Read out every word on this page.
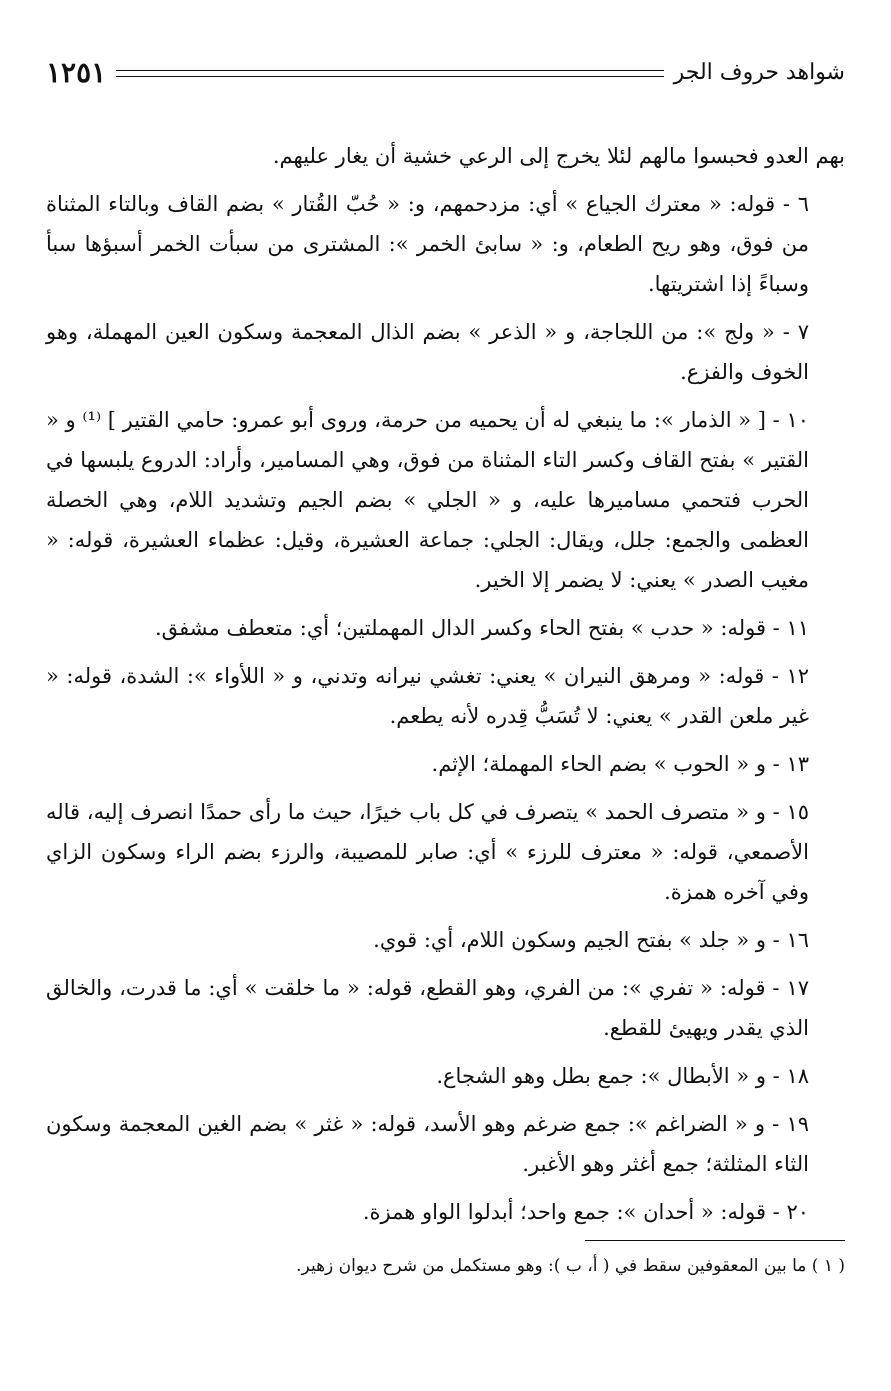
شواهد حروف الجر
١٢٥١

بهم العدو فحبسوا مالهم لئلا يخرج إلى الرعي خشية أن يغار عليهم.

٦ - قوله: « معترك الجياع » أي: مزدحمهم، و: « حُبّ القُتار » بضم القاف وبالتاء المثناة من فوق، وهو ريح الطعام، و: « سابئ الخمر »: المشترى من سبأت الخمر أسبؤها سبأ وسباءً إذا اشتريتها.

٧ - « ولج »: من اللجاجة، و « الذعر » بضم الذال المعجمة وسكون العين المهملة، وهو الخوف والفزع.

١٠ - [ « الذمار »: ما ينبغي له أن يحميه من حرمة، وروى أبو عمرو: حامي القتير ] ⁽¹⁾ و « القتير » بفتح القاف وكسر التاء المثناة من فوق، وهي المسامير، وأراد: الدروع يلبسها في الحرب فتحمي مساميرها عليه، و « الجلي » بضم الجيم وتشديد اللام، وهي الخصلة العظمى والجمع: جلل، ويقال: الجلي: جماعة العشيرة، وقيل: عظماء العشيرة، قوله: « مغيب الصدر » يعني: لا يضمر إلا الخير.

١١ - قوله: « حدب » بفتح الحاء وكسر الدال المهملتين؛ أي: متعطف مشفق.

١٢ - قوله: « ومرهق النيران » يعني: تغشي نيرانه وتدني، و « اللأواء »: الشدة، قوله: « غير ملعن القدر » يعني: لا تُسَبُّ قِدره لأنه يطعم.

١٣ - و « الحوب » بضم الحاء المهملة؛ الإثم.

١٥ - و « متصرف الحمد » يتصرف في كل باب خيرًا، حيث ما رأى حمدًا انصرف إليه، قاله الأصمعي، قوله: « معترف للرزء » أي: صابر للمصيبة، والرزء بضم الراء وسكون الزاي وفي آخره همزة.

١٦ - و « جلد » بفتح الجيم وسكون اللام، أي: قوي.

١٧ - قوله: « تفري »: من الفري، وهو القطع، قوله: « ما خلقت » أي: ما قدرت، والخالق الذي يقدر ويهيئ للقطع.

١٨ - و « الأبطال »: جمع بطل وهو الشجاع.

١٩ - و « الضراغم »: جمع ضرغم وهو الأسد، قوله: « غثر » بضم الغين المعجمة وسكون الثاء المثلثة؛ جمع أغثر وهو الأغبر.

٢٠ - قوله: « أحدان »: جمع واحد؛ أبدلوا الواو همزة.

( ١ ) ما بين المعقوفين سقط في ( أ، ب ): وهو مستكمل من شرح ديوان زهير.
